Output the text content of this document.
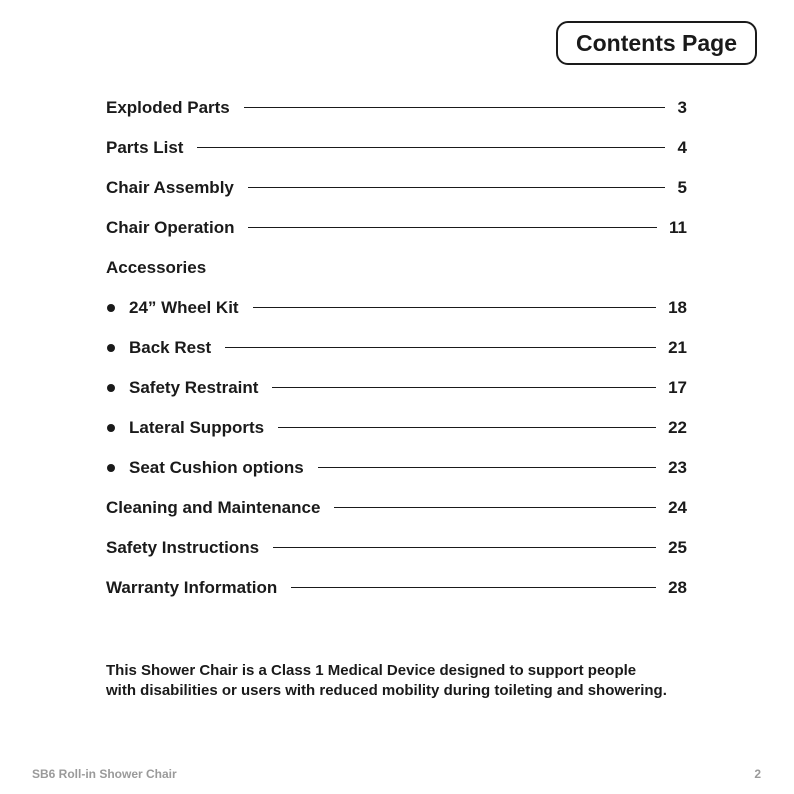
Contents Page
Exploded Parts	3
Parts List	4
Chair Assembly	5
Chair Operation	11
Accessories
24” Wheel Kit	18
Back Rest	21
Safety Restraint	17
Lateral Supports	22
Seat Cushion options	23
Cleaning and Maintenance	24
Safety Instructions	25
Warranty Information	28
This Shower Chair is a Class 1 Medical Device designed to support people
with disabilities or users with reduced mobility during toileting and showering.
SB6 Roll-in Shower Chair	2
